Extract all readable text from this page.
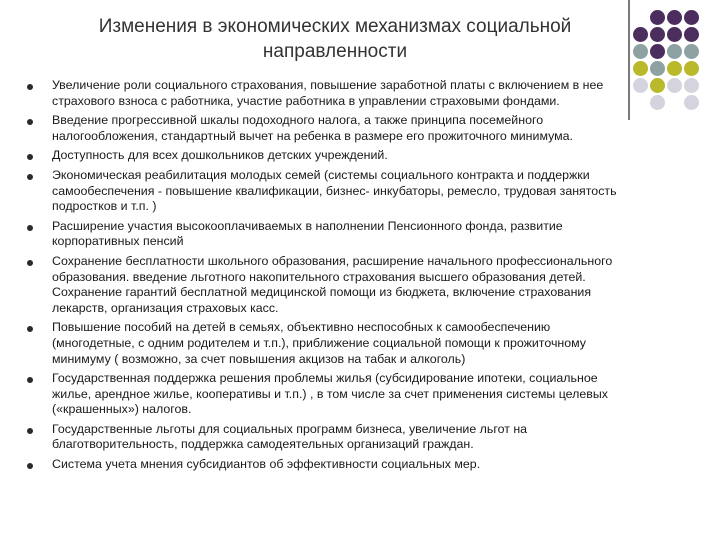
Изменения в экономических механизмах социальной направленности
Увеличение роли социального страхования, повышение заработной платы с включением в нее страхового взноса с работника, участие работника в управлении страховыми фондами.
Введение прогрессивной шкалы подоходного налога, а также принципа посемейного налогообложения, стандартный вычет на ребенка в размере его прожиточного минимума.
Доступность для всех дошкольников детских учреждений.
Экономическая реабилитация молодых семей (системы социального контракта и поддержки самообеспечения - повышение квалификации, бизнес- инкубаторы, ремесло, трудовая занятость подростков и т.п. )
Расширение участия высокооплачиваемых в наполнении Пенсионного фонда, развитие корпоративных пенсий
Сохранение бесплатности школьного образования, расширение начального профессионального образования. введение льготного накопительного страхования высшего образования детей. Сохранение гарантий бесплатной медицинской помощи из бюджета, включение страхования лекарств, организация страховых касс.
Повышение пособий на детей в семьях, объективно неспособных к самообеспечению (многодетные, с одним родителем и т.п.), приближение социальной помощи к прожиточному минимуму ( возможно, за счет повышения акцизов на табак и алкоголь)
Государственная поддержка решения проблемы жилья (субсидирование ипотеки, социальное жилье, арендное жилье, кооперативы и т.п.) , в том числе за счет применения системы целевых («кpашенных») налогов.
Государственные льготы для социальных программ бизнеса, увеличение льгот на благотворительность, поддержка самодеятельных организаций граждан.
Система учета мнения субсидиантов об эффективности социальных мер.
